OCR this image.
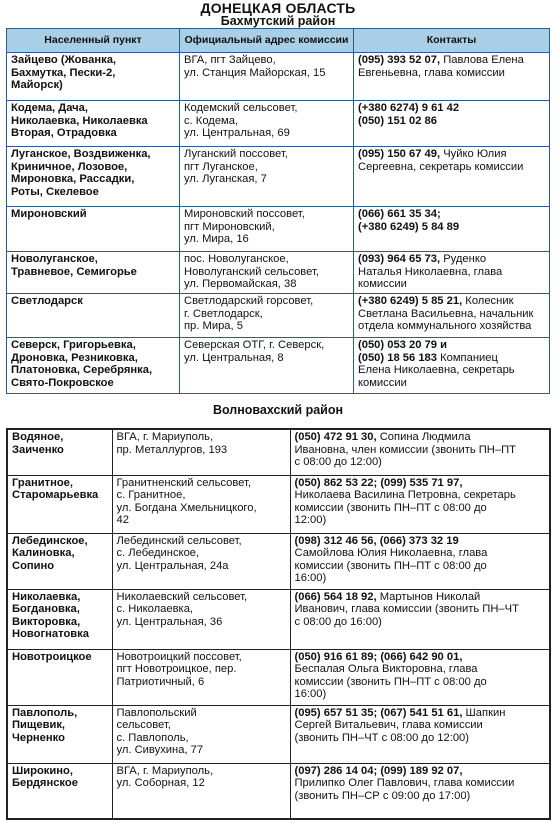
ДОНЕЦКАЯ ОБЛАСТЬ
Бахмутский район
Населенный пункт	Официальный адрес комиссии	Контакты

Зайцево (Жованка,
Бахмутка, Пески-2,
Майорск)	ВГА, пгт Зайцево,
ул. Станция Майорская, 15	(095) 393 52 07, Павлова Елена
Евгеньевна, глава комиссии

Кодема, Дача,
Николаевка, Николаевка
Вторая, Отрадовка	Кодемский сельсовет,
с. Кодема,
ул. Центральная, 69	(+380 6274) 9 61 42
(050) 151 02 86

Луганское, Воздвиженка,
Криничное, Лозовое,
Мироновка, Рассадки,
Роты, Скелевое	Луганский поссовет,
пгт Луганское,
ул. Луганская, 7	(095) 150 67 49, Чуйко Юлия
Сергеевна, секретарь комиссии

Мироновский	Мироновский поссовет,
пгт Мироновский,
ул. Мира, 16	(066) 661 35 34;
(+380 6249) 5 84 89

Новолуганское,
Травневое, Семигорье	пос. Новолуганское,
Новолуганский сельсовет,
ул. Первомайская, 38	(093) 964 65 73, Руденко
Наталья Николаевна, глава
комиссии

Светлодарск	Светлодарский горсовет,
г. Светлодарск,
пр. Мира, 5	(+380 6249) 5 85 21, Колесник
Светлана Васильевна, начальник
отдела коммунального хозяйства

Северск, Григорьевка,
Дроновка, Резниковка,
Платоновка, Серебрянка,
Свято-Покровское	Северская ОТГ, г. Северск,
ул. Центральная, 8	(050) 053 20 79 и
(050) 18 56 183 Компаниец
Елена Николаевна, секретарь
комиссии
Волновахский район
Водяное,
Заиченко	ВГА, г. Мариуполь,
пр. Металлургов, 193	(050) 472 91 30, Сопина Людмила
Ивановна, член комиссии (звонить ПН–ПТ
с 08:00 до 12:00)

Гранитное,
Старомарьевка	Гранитненский сельсовет,
с. Гранитное,
ул. Богдана Хмельницкого,
42	(050) 862 53 22; (099) 535 71 97,
Николаева Василина Петровна, секретарь
комиссии (звонить ПН–ПТ с 08:00 до
12:00)

Лебединское,
Калиновка,
Сопино	Лебединский сельсовет,
с. Лебединское,
ул. Центральная, 24а	(098) 312 46 56, (066) 373 32 19
Самойлова Юлия Николаевна, глава
комиссии (звонить ПН–ПТ с 08:00 до
16:00)

Николаевка,
Богдановка,
Викторовка,
Новогнатовка	Николаевский сельсовет,
с. Николаевка,
ул. Центральная, 36	(066) 564 18 92, Мартынов Николай
Иванович, глава комиссии (звонить ПН–ЧТ
с 08:00 до 16:00)

Новотроицкое	Новотроицкий поссовет,
пгт Новотроицкое, пер.
Патриотичный, 6	(050) 916 61 89; (066) 642 90 01,
Беспалая Ольга Викторовна, глава
комиссии (звонить ПН–ПТ с 08:00 до
16:00)

Павлополь,
Пищевик,
Черненко	Павлопольский
сельсовет,
с. Павлополь,
ул. Сивухина, 77	(095) 657 51 35; (067) 541 51 61, Шапкин
Сергей Витальевич, глава комиссии
(звонить ПН–ЧТ с 08:00 до 12:00)

Широкино,
Бердянское	ВГА, г. Мариуполь,
ул. Соборная, 12	(097) 286 14 04; (099) 189 92 07,
Прилипко Олег Павлович, глава комиссии
(звонить ПН–СР с 09:00 до 17:00)
